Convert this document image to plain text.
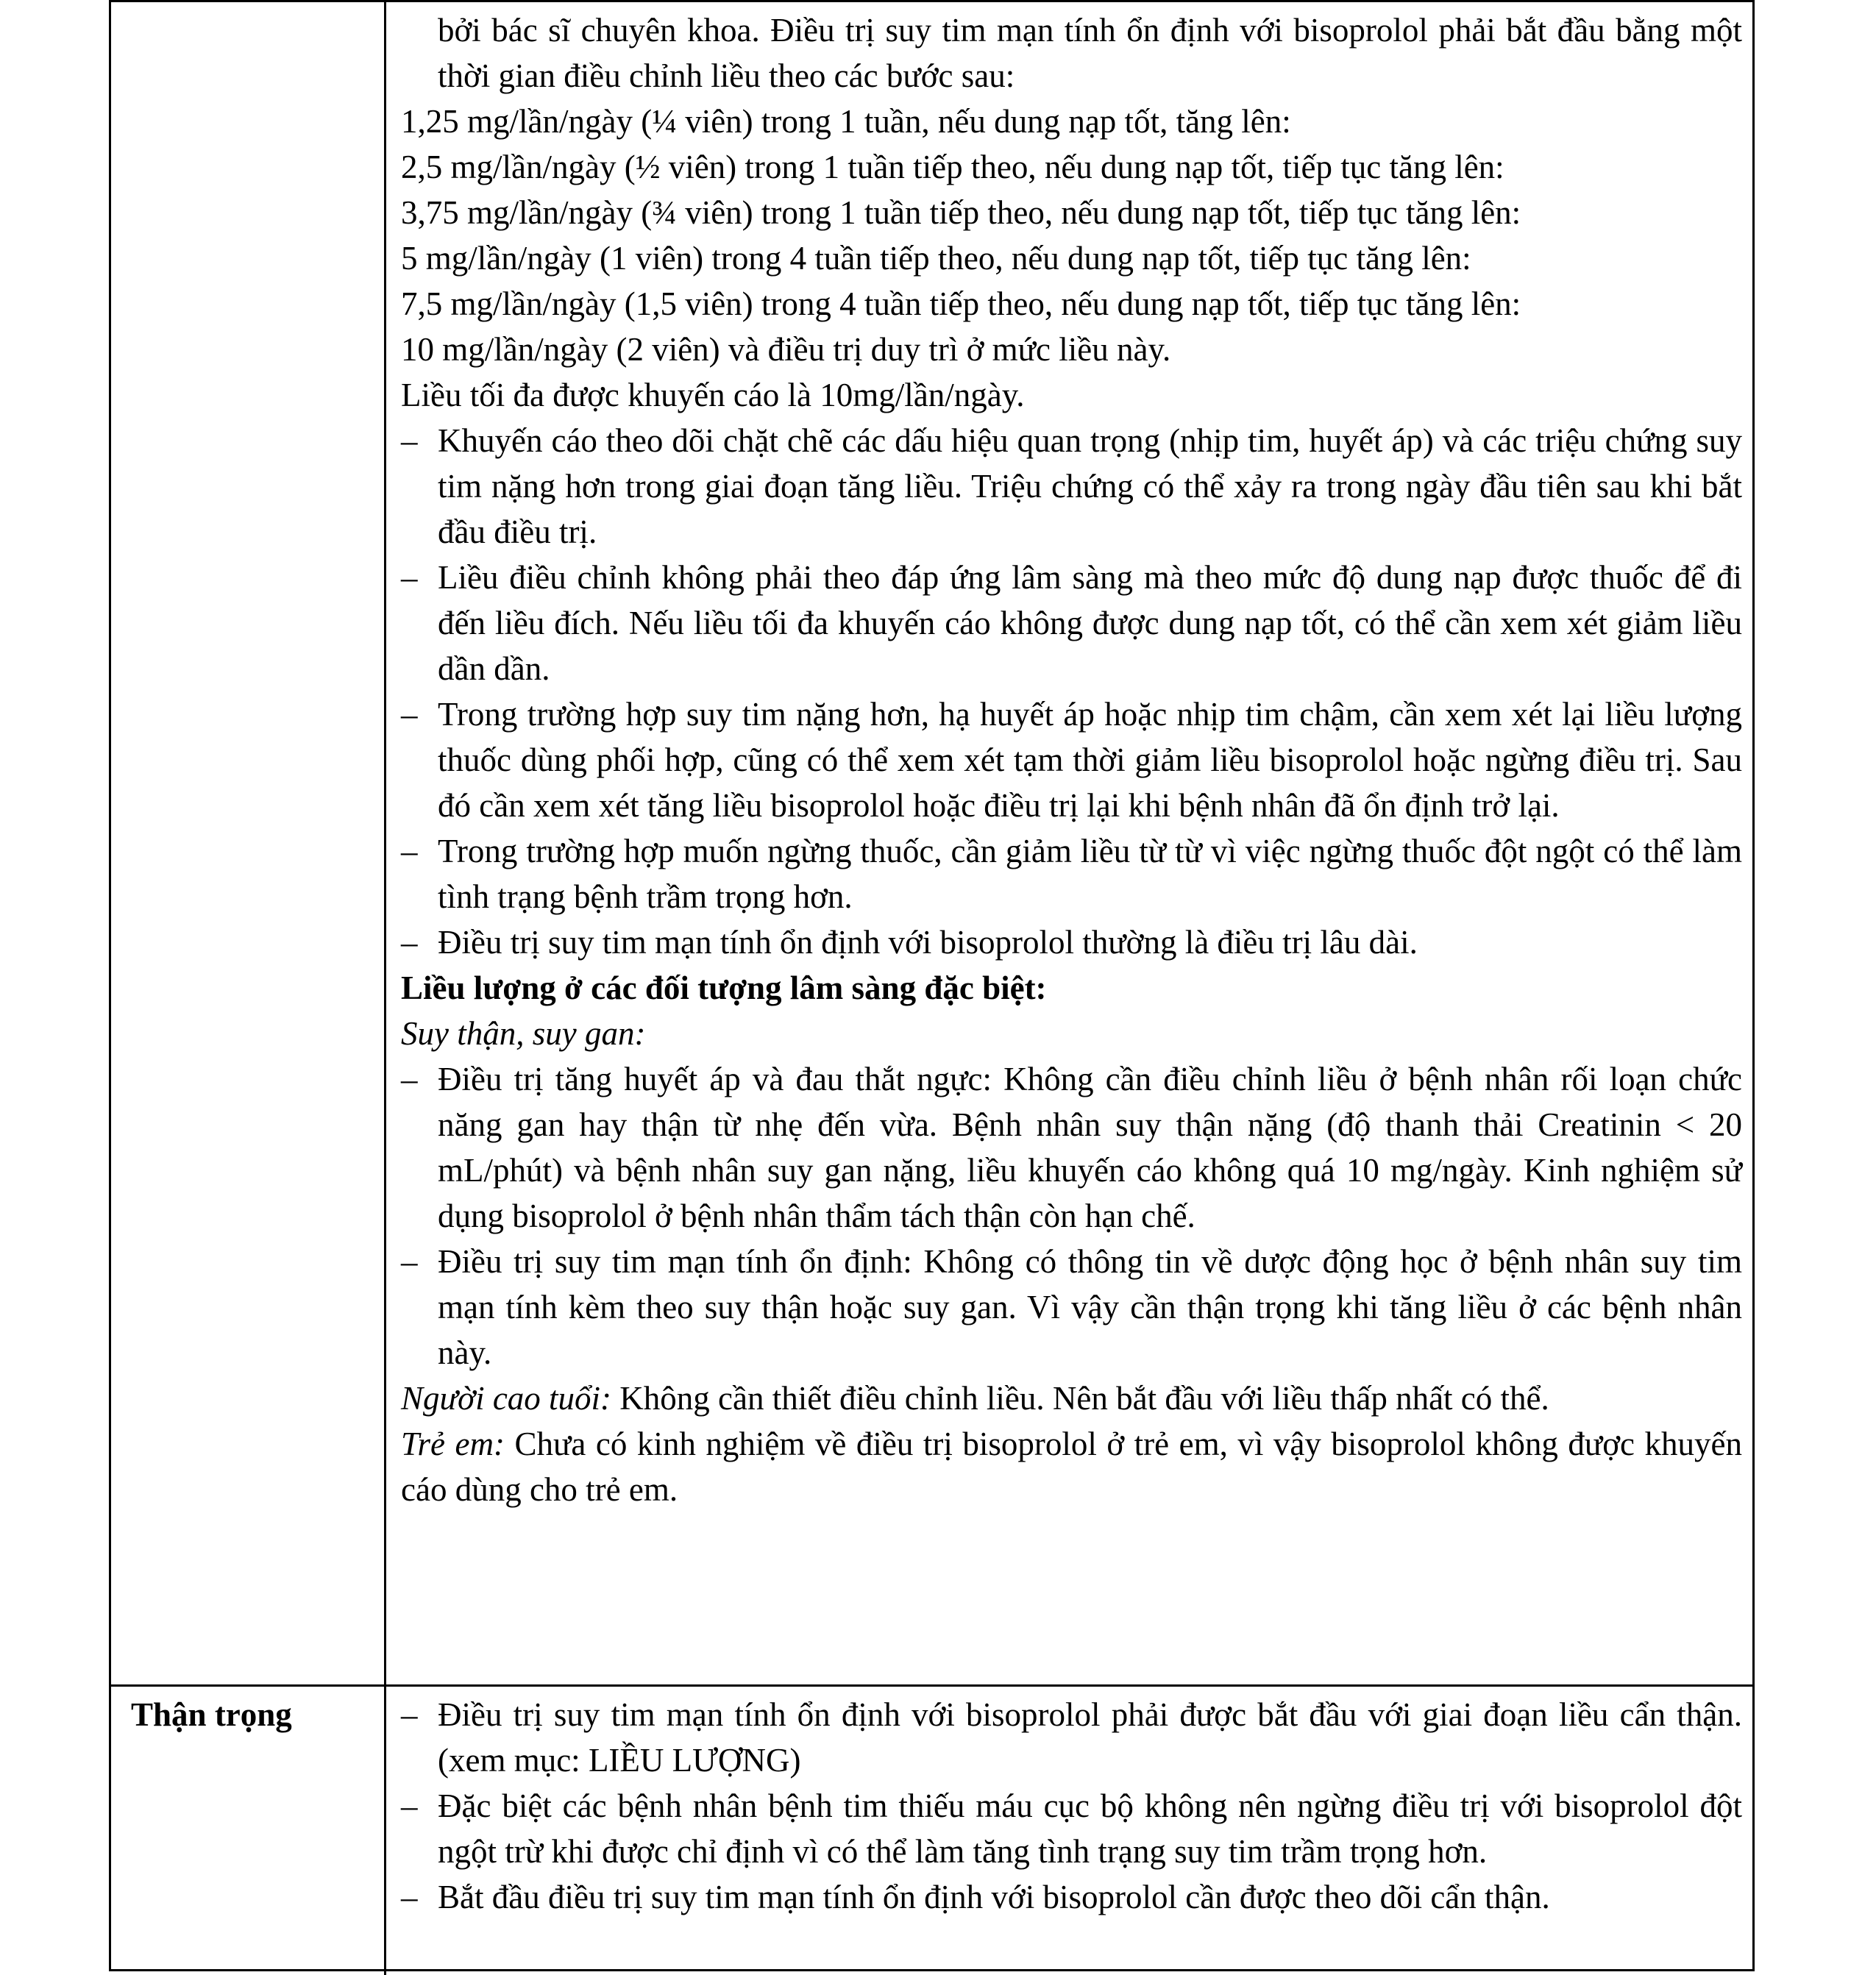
bởi bác sĩ chuyên khoa. Điều trị suy tim mạn tính ổn định với bisoprolol phải bắt đầu bằng một thời gian điều chỉnh liều theo các bước sau:

1,25 mg/lần/ngày (¼ viên) trong 1 tuần, nếu dung nạp tốt, tăng lên:

2,5 mg/lần/ngày (½ viên) trong 1 tuần tiếp theo, nếu dung nạp tốt, tiếp tục tăng lên:

3,75 mg/lần/ngày (¾ viên) trong 1 tuần tiếp theo, nếu dung nạp tốt, tiếp tục tăng lên:

5 mg/lần/ngày (1 viên) trong 4 tuần tiếp theo, nếu dung nạp tốt, tiếp tục tăng lên:

7,5 mg/lần/ngày (1,5 viên) trong 4 tuần tiếp theo, nếu dung nạp tốt, tiếp tục tăng lên:

10 mg/lần/ngày (2 viên) và điều trị duy trì ở mức liều này.

Liều tối đa được khuyến cáo là 10mg/lần/ngày.

– Khuyến cáo theo dõi chặt chẽ các dấu hiệu quan trọng (nhịp tim, huyết áp) và các triệu chứng suy tim nặng hơn trong giai đoạn tăng liều. Triệu chứng có thể xảy ra trong ngày đầu tiên sau khi bắt đầu điều trị.

– Liều điều chỉnh không phải theo đáp ứng lâm sàng mà theo mức độ dung nạp được thuốc để đi đến liều đích. Nếu liều tối đa khuyến cáo không được dung nạp tốt, có thể cần xem xét giảm liều dần dần.

– Trong trường hợp suy tim nặng hơn, hạ huyết áp hoặc nhịp tim chậm, cần xem xét lại liều lượng thuốc dùng phối hợp, cũng có thể xem xét tạm thời giảm liều bisoprolol hoặc ngừng điều trị. Sau đó cần xem xét tăng liều bisoprolol hoặc điều trị lại khi bệnh nhân đã ổn định trở lại.

– Trong trường hợp muốn ngừng thuốc, cần giảm liều từ từ vì việc ngừng thuốc đột ngột có thể làm tình trạng bệnh trầm trọng hơn.

– Điều trị suy tim mạn tính ổn định với bisoprolol thường là điều trị lâu dài.

Liều lượng ở các đối tượng lâm sàng đặc biệt:

Suy thận, suy gan:

– Điều trị tăng huyết áp và đau thắt ngực: Không cần điều chỉnh liều ở bệnh nhân rối loạn chức năng gan hay thận từ nhẹ đến vừa. Bệnh nhân suy thận nặng (độ thanh thải Creatinin < 20 mL/phút) và bệnh nhân suy gan nặng, liều khuyến cáo không quá 10 mg/ngày. Kinh nghiệm sử dụng bisoprolol ở bệnh nhân thẩm tách thận còn hạn chế.

– Điều trị suy tim mạn tính ổn định: Không có thông tin về dược động học ở bệnh nhân suy tim mạn tính kèm theo suy thận hoặc suy gan. Vì vậy cần thận trọng khi tăng liều ở các bệnh nhân này.

Người cao tuổi: Không cần thiết điều chỉnh liều. Nên bắt đầu với liều thấp nhất có thể.

Trẻ em: Chưa có kinh nghiệm về điều trị bisoprolol ở trẻ em, vì vậy bisoprolol không được khuyến cáo dùng cho trẻ em.

Thận trọng

–	Điều trị suy tim mạn tính ổn định với bisoprolol phải được bắt đầu với giai đoạn liều cẩn thận. (xem mục: LIỀU LƯỢNG)

– Đặc biệt các bệnh nhân bệnh tim thiếu máu cục bộ không nên ngừng điều trị với bisoprolol đột ngột trừ khi được chỉ định vì có thể làm tăng tình trạng suy tim trầm trọng hơn.

– Bắt đầu điều trị suy tim mạn tính ổn định với bisoprolol cần được theo dõi cẩn thận.
